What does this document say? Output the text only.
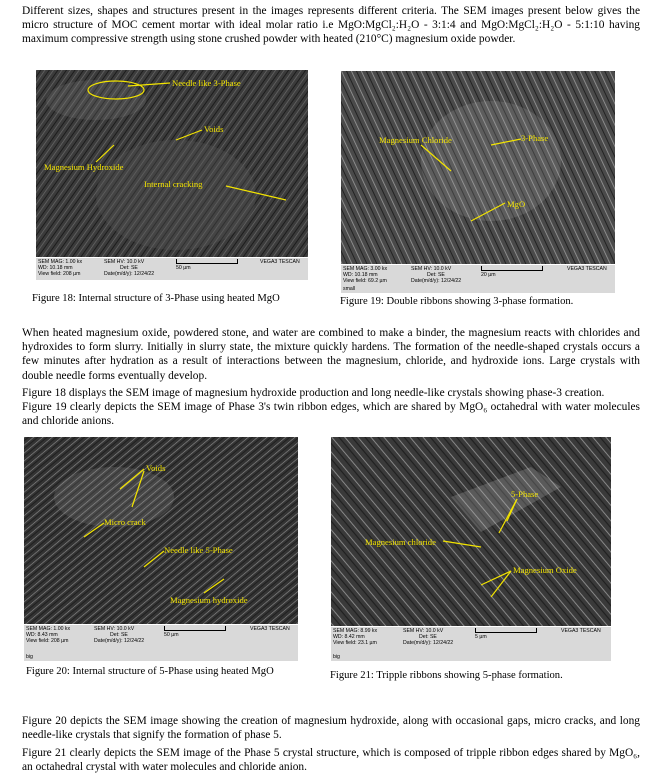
Different sizes, shapes and structures present in the images represents different criteria. The SEM images present below gives the micro structure of MOC cement mortar with ideal molar ratio i.e MgO:MgCl₂:H₂O - 3:1:4 and MgO:MgCl₂:H₂O - 5:1:10 having maximum compressive strength using stone crushed powder with heated (210°C) magnesium oxide powder.

Needle like 3-Phase
Voids
Magnesium Hydroxide
Internal cracking
SEM MAG: 1.00 kx
WD: 10.18 mm
View field: 208 µm
SEM HV: 10.0 kV
Det: SE
Date(m/d/y): 12/24/22
50 µm
VEGA3 TESCAN

Figure 18: Internal structure of 3-Phase using heated MgO

Magnesium Chloride	3-Phase
MgO
SEM MAG: 3.00 kx
WD: 10.18 mm
View field: 69.2 µm
SEM HV: 10.0 kV
Det: SE
Date(m/d/y): 12/24/22
20 µm
VEGA3 TESCAN
small

Figure 19: Double ribbons showing 3-phase formation.

When heated magnesium oxide, powdered stone, and water are combined to make a binder, the magnesium reacts with chlorides and hydroxides to form slurry. Initially in slurry state, the mixture quickly hardens. The formation of the needle-shaped crystals occurs a few minutes after hydration as a result of interactions between the magnesium, chloride, and hydroxide ions. Large crystals with double needle forms eventually develop.

Figure 18 displays the SEM image of magnesium hydroxide production and long needle-like crystals showing phase-3 creation.

Figure 19 clearly depicts the SEM image of Phase 3's twin ribbon edges, which are shared by MgO₆ octahedral with water molecules and chloride anions.

Voids
Micro crack
Needle like 5-Phase
Magnesium hydroxide
SEM MAG: 1.00 kx
WD: 8.43 mm
View field: 208 µm
SEM HV: 10.0 kV
Det: SE
Date(m/d/y): 12/24/22
50 µm
VEGA3 TESCAN
big

Figure 20: Internal structure of 5-Phase using heated MgO

5-Phase
Magnesium chloride
Magnesium Oxide
SEM MAG: 8.99 kx
WD: 8.42 mm
View field: 23.1 µm
SEM HV: 10.0 kV
Det: SE
Date(m/d/y): 12/24/22
5 µm
VEGA3 TESCAN
big

Figure 21: Tripple ribbons showing 5-phase formation.

Figure 20 depicts the SEM image showing the creation of magnesium hydroxide, along with occasional gaps, micro cracks, and long needle-like crystals that signify the formation of phase 5.

Figure 21 clearly depicts the SEM image of the Phase 5 crystal structure, which is composed of tripple ribbon edges shared by MgO₆, an octahedral crystal with water molecules and chloride anion.
